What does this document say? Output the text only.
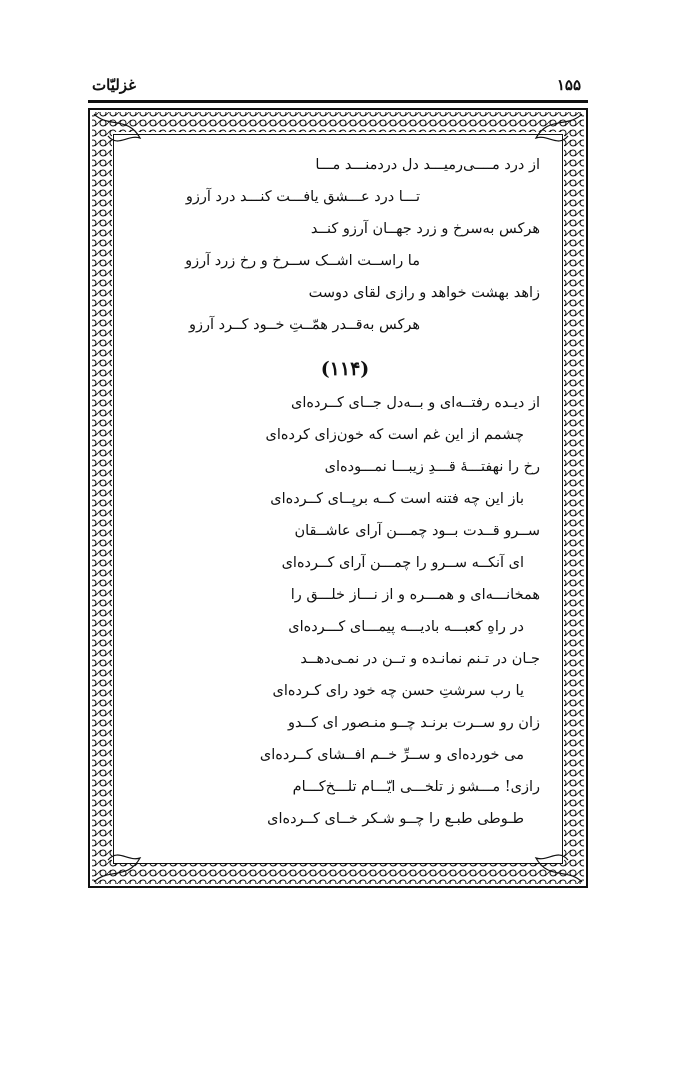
غزلیّات	۱۵۵
از درد مــــی‌رمیـــد دل دردمنـــد مـــا
تـــا درد عـــشق یافـــت کنـــد درد آرزو
هرکس به‌سرخ و زرد جهــان آرزو کنــد
ما راســت اشــک ســرخ و رخ زرد آرزو
زاهد بهشت خواهد و رازی لقای دوست
هرکس به‌قــدر همّــتِ خــود کــرد آرزو
(۱۱۴)
از دیـده رفتــه‌ای و بــه‌دل جــای کــرده‌ای
چشمم از این غم است که خون‌زای کرده‌ای
رخ را نهفتـــهٔ قـــدِ زیبـــا نمـــوده‌ای
باز این چه فتنه است کــه برپــای کــرده‌ای
ســرو قــدت بــود چمـــن آرای عاشــقان
ای آنکــه ســرو را چمـــن آرای کــرده‌ای
همخانـــه‌ای و همـــره و از نـــاز خلـــق را
در راهِ کعبـــه بادیـــه پیمـــای کـــرده‌ای
جـان در تـنم نمانـده و تــن در نمـی‌دهــد
یا رب سرشتِ حسن چه خود رای کـرده‌ای
زان رو ســرت برنـد چــو منـصور ای کــدو
می خورده‌ای و ســرِّ خــم افــشای کــرده‌ای
رازی! مـــشو ز تلخـــی ایّـــام تلـــخ‌کـــام
طـوطی طبـع را چــو شـکر خــای کــرده‌ای
